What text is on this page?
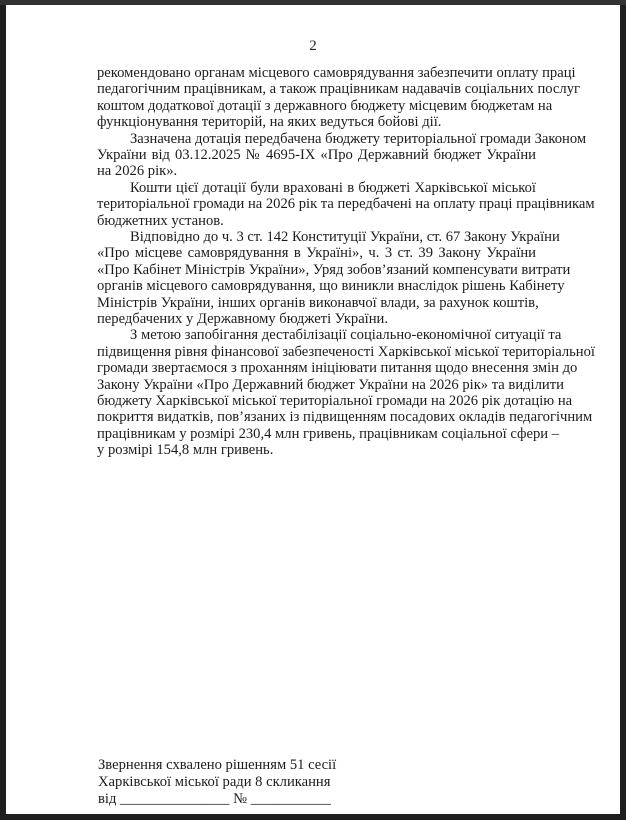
2
рекомендовано органам місцевого самоврядування забезпечити оплату праці
педагогічним працівникам, а також працівникам надавачів соціальних послуг
коштом додаткової дотації з державного бюджету місцевим бюджетам на
функціонування територій, на яких ведуться бойові дії.
Зазначена дотація передбачена бюджету територіальної громади Законом
України від 03.12.2025 № 4695-IX «Про Державний бюджет України
на 2026 рік».
Кошти цієї дотації були враховані в бюджеті Харківської міської
територіальної громади на 2026 рік та передбачені на оплату праці працівникам
бюджетних установ.
Відповідно до ч. 3 ст. 142 Конституції України, ст. 67 Закону України
«Про місцеве самоврядування в Україні», ч. 3 ст. 39 Закону України
«Про Кабінет Міністрів України», Уряд зобов’язаний компенсувати витрати
органів місцевого самоврядування, що виникли внаслідок рішень Кабінету
Міністрів України, інших органів виконавчої влади, за рахунок коштів,
передбачених у Державному бюджеті України.
З метою запобігання дестабілізації соціально-економічної ситуації та
підвищення рівня фінансової забезпеченості Харківської міської територіальної
громади звертаємося з проханням ініціювати питання щодо внесення змін до
Закону України «Про Державний бюджет України на 2026 рік» та виділити
бюджету Харківської міської територіальної громади на 2026 рік дотацію на
покриття видатків, пов’язаних із підвищенням посадових окладів педагогічним
працівникам у розмірі 230,4 млн гривень, працівникам соціальної сфери –
у розмірі 154,8 млн гривень.
Звернення схвалено рішенням 51 сесії
Харківської міської ради 8 скликання
від _______________ № ___________
